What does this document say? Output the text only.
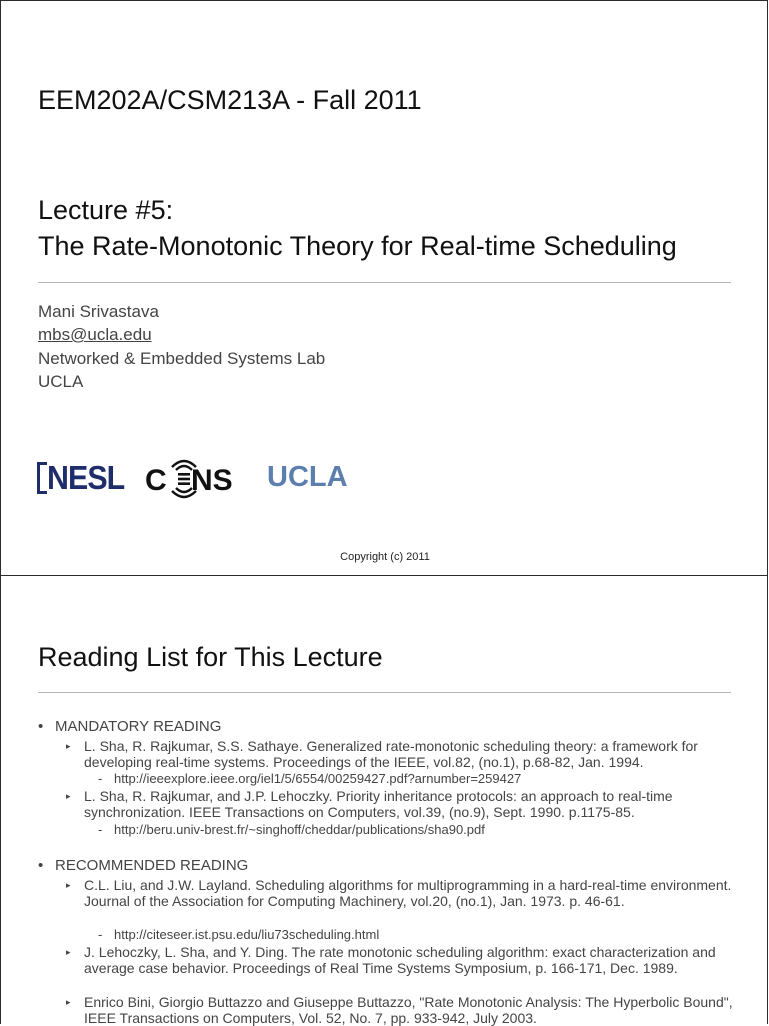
EEM202A/CSM213A - Fall 2011
Lecture #5:
The Rate-Monotonic Theory for Real-time Scheduling

Mani Srivastava

mbs@ucla.edu

Networked & Embedded Systems Lab

UCLA

NESL C NS UCLA
Copyright (c) 2011
Reading List for This Lecture

• MANDATORY READING

▸ L. Sha, R. Rajkumar, S.S. Sathaye. Generalized rate-monotonic scheduling theory: a framework for developing real-time systems. Proceedings of the IEEE, vol.82, (no.1), p.68-82, Jan. 1994.
- http://ieeexplore.ieee.org/iel1/5/6554/00259427.pdf?arnumber=259427
▸ L. Sha, R. Rajkumar, and J.P. Lehoczky. Priority inheritance protocols: an approach to real-time synchronization. IEEE Transactions on Computers, vol.39, (no.9), Sept. 1990. p.1175-85.
- http://beru.univ-brest.fr/~singhoff/cheddar/publications/sha90.pdf

• RECOMMENDED READING

▸ C.L. Liu, and J.W. Layland. Scheduling algorithms for multiprogramming in a hard-real-time environment. Journal of the Association for Computing Machinery, vol.20, (no.1), Jan. 1973. p. 46-61.
- http://citeseer.ist.psu.edu/liu73scheduling.html
▸ J. Lehoczky, L. Sha, and Y. Ding. The rate monotonic scheduling algorithm: exact characterization and average case behavior. Proceedings of Real Time Systems Symposium, p. 166-171, Dec. 1989.
▸ Enrico Bini, Giorgio Buttazzo and Giuseppe Buttazzo, "Rate Monotonic Analysis: The Hyperbolic Bound", IEEE Transactions on Computers, Vol. 52, No. 7, pp. 933-942, July 2003.
